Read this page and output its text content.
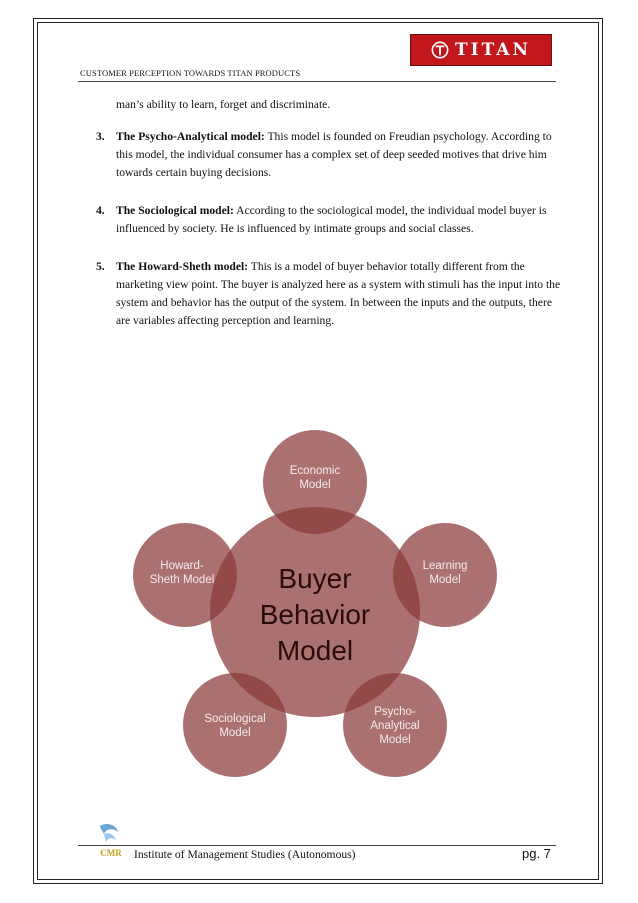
CUSTOMER PERCEPTION TOWARDS TITAN PRODUCTS
TITAN
man’s ability to learn, forget and discriminate.
3. The Psycho-Analytical model: This model is founded on Freudian psychology. According to this model, the individual consumer has a complex set of deep seeded motives that drive him towards certain buying decisions.
4. The Sociological model: According to the sociological model, the individual model buyer is influenced by society. He is influenced by intimate groups and social classes.
5. The Howard-Sheth model: This is a model of buyer behavior totally different from the marketing view point. The buyer is analyzed here as a system with stimuli has the input into the system and behavior has the output of the system. In between the inputs and the outputs, there are variables affecting perception and learning.
Buyer
Behavior
Model
Economic
Model
Learning
Model
Psycho-
Analytical
Model
Sociological
Model
Howard-
Sheth Model
CMR Institute of Management Studies (Autonomous)	pg. 7
